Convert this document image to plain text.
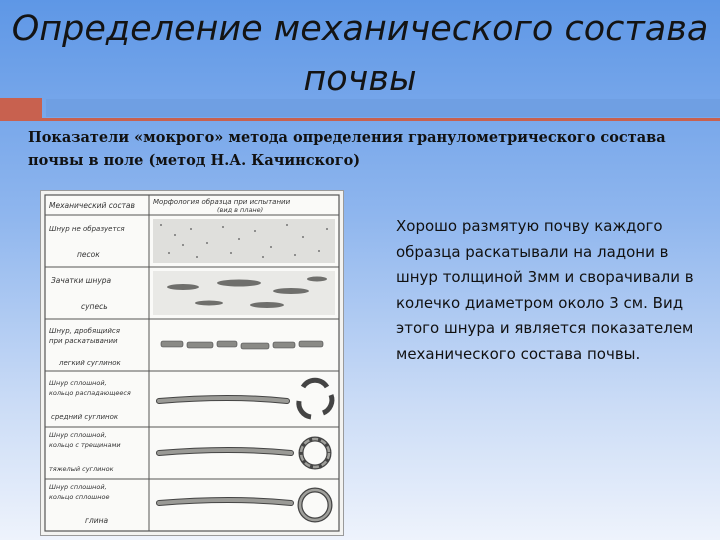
Определение механического состава почвы

Показатели «мокрого» метода определения гранулометрического состава почвы в поле (метод Н.А. Качинского)

Механический состав	Морфология образца при испытании
(вид в плане)
Шнур не образуется
песок
Зачатки шнура
супесь
Шнур, дробящийся
при раскатывании
легкий суглинок
Шнур сплошной,
кольцо распадающееся
средний суглинок
Шнур сплошной,
кольцо с трещинами
тяжелый суглинок
Шнур сплошной,
кольцо сплошное
глина

Хорошо размятую почву каждого образца раскатывали на ладони в шнур толщиной 3мм и сворачивали в колечко диаметром около 3 см. Вид этого шнура и является показателем механического состава почвы.
